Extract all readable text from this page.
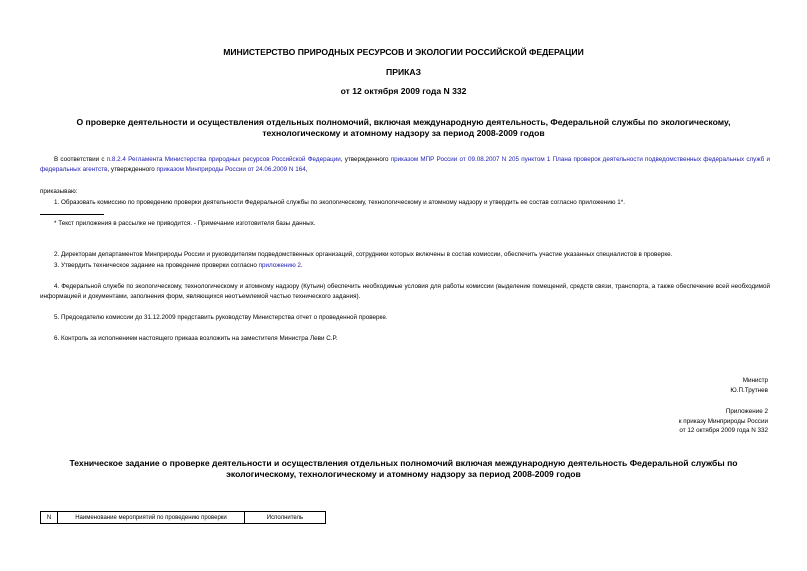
МИНИСТЕРСТВО ПРИРОДНЫХ РЕСУРСОВ И ЭКОЛОГИИ РОССИЙСКОЙ ФЕДЕРАЦИИ
ПРИКАЗ
от 12 октября 2009 года N 332
О проверке деятельности и осуществления отдельных полномочий, включая международную деятельность, Федеральной службы по экологическому,
технологическому и атомному надзору за период 2008-2009 годов
В соответствии с п.8.2.4 Регламента Министерства природных ресурсов Российской Федерации, утвержденного приказом МПР России от 09.08.2007 N 205 пунктом 1 Плана проверок деятельности подведомственных федеральных служб и федеральных агентств, утвержденного приказом Минприроды России от 24.06.2009 N 164,
приказываю:
1. Образовать комиссию по проведению проверки деятельности Федеральной службы по экологическому, технологическому и атомному надзору и утвердить ее состав согласно приложению 1*.
* Текст приложения в рассылке не приводится. - Примечание изготовителя базы данных.
2. Директорам департаментов Минприроды России и руководителям подведомственных организаций, сотрудники которых включены в состав комиссии, обеспечить участие указанных специалистов в проверке.
3. Утвердить техническое задание на проведение проверки согласно приложению 2.
4. Федеральной службе по экологическому, технологическому и атомному надзору (Кутьин) обеспечить необходимые условия для работы комиссии (выделение помещений, средств связи, транспорта, а также обеспечение всей необходимой информацией и документами, заполнения форм, являющихся неотъемлемой частью технического задания).
5. Председателю комиссии до 31.12.2009 представить руководству Министерства отчет о проведенной проверке.
6. Контроль за исполнением настоящего приказа возложить на заместителя Министра Леви С.Р.
Министр
Ю.П.Трутнев
Приложение 2
к приказу Минприроды России
от 12 октября 2009 года N 332
Техническое задание о проверке деятельности и осуществления отдельных полномочий включая международную деятельность Федеральной службы по
экологическому, технологическому и атомному надзору за период 2008-2009 годов
N	Наименование мероприятий по проведению проверки	Исполнитель
